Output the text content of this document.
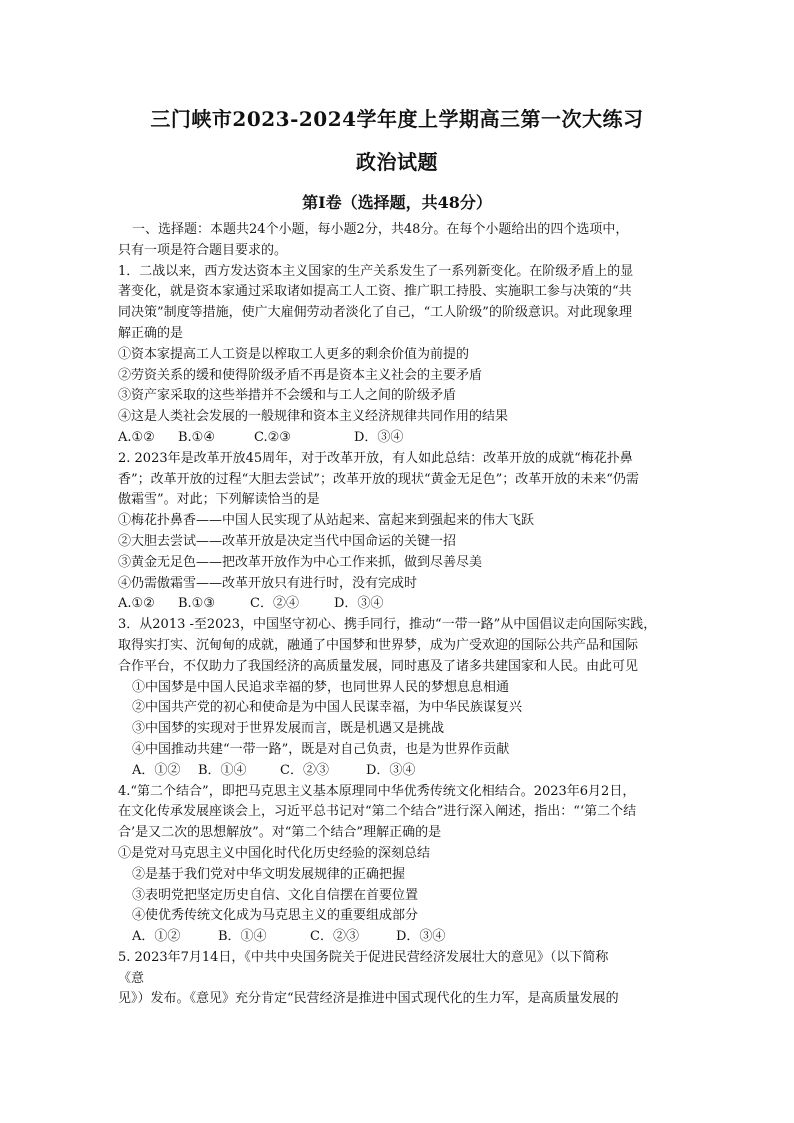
三门峡市2023-2024学年度上学期高三第一次大练习
政治试题
第Ⅰ卷（选择题，共48分）
一、选择题：本题共24个小题，每小题2分，共48分。在每个小题给出的四个选项中，
只有一项是符合题目要求的。
1．二战以来，西方发达资本主义国家的生产关系发生了一系列新变化。在阶级矛盾上的显
著变化，就是资本家通过采取诸如提高工人工资、推广职工持股、实施职工参与决策的“共
同决策”制度等措施，使广大雇佣劳动者淡化了自己，“工人阶级”的阶级意识。对此现象理
解正确的是
①资本家提高工人工资是以榨取工人更多的剩余价值为前提的
②劳资关系的缓和使得阶级矛盾不再是资本主义社会的主要矛盾
③资产家采取的这些举措并不会缓和与工人之间的阶级矛盾
④这是人类社会发展的一般规律和资本主义经济规律共同作用的结果
A.①②	B.①④	C.②③	D．③④
2. 2023年是改革开放45周年，对于改革开放，有人如此总结：改革开放的成就“梅花扑鼻
香”；改革开放的过程“大胆去尝试”；改革开放的现状“黄金无足色”；改革开放的未来“仍需
傲霜雪”。对此；下列解读恰当的是
①梅花扑鼻香——中国人民实现了从站起来、富起来到强起来的伟大飞跃
②大胆去尝试——改革开放是决定当代中国命运的关键一招
③黄金无足色——把改革开放作为中心工作来抓，做到尽善尽美
④仍需傲霜雪——改革开放只有进行时，没有完成时
A.①②	B.①③	C．②④	D．③④
3．从2013 -至2023，中国坚守初心、携手同行，推动“一带一路”从中国倡议走向国际实践，
取得实打实、沉甸甸的成就，融通了中国梦和世界梦，成为广受欢迎的国际公共产品和国际
合作平台，不仅助力了我国经济的高质量发展，同时惠及了诸多共建国家和人民。由此可见
①中国梦是中国人民追求幸福的梦，也同世界人民的梦想息息相通
②中国共产党的初心和使命是为中国人民谋幸福，为中华民族谋复兴
③中国梦的实现对于世界发展而言，既是机遇又是挑战
④中国推动共建“一带一路”，既是对自己负责，也是为世界作贡献
A．①②	B．①④	C．②③	D．③④
4.“第二个结合”，即把马克思主义基本原理同中华优秀传统文化相结合。2023年6月2日，
在文化传承发展座谈会上，习近平总书记对“第二个结合”进行深入阐述，指出：“‘第二个结
合’是又二次的思想解放”。对“第二个结合”理解正确的是
①是党对马克思主义中国化时代化历史经验的深刻总结
②是基于我们党对中华文明发展规律的正确把握
③表明党把坚定历史自信、文化自信摆在首要位置
④使优秀传统文化成为马克思主义的重要组成部分
A．①②	B．①④	C．②③	D．③④
5. 2023年7月14日，《中共中央国务院关于促进民营经济发展壮大的意见》（以下简称
《意
见》）发布。《意见》充分肯定“民营经济是推进中国式现代化的生力军，是高质量发展的
